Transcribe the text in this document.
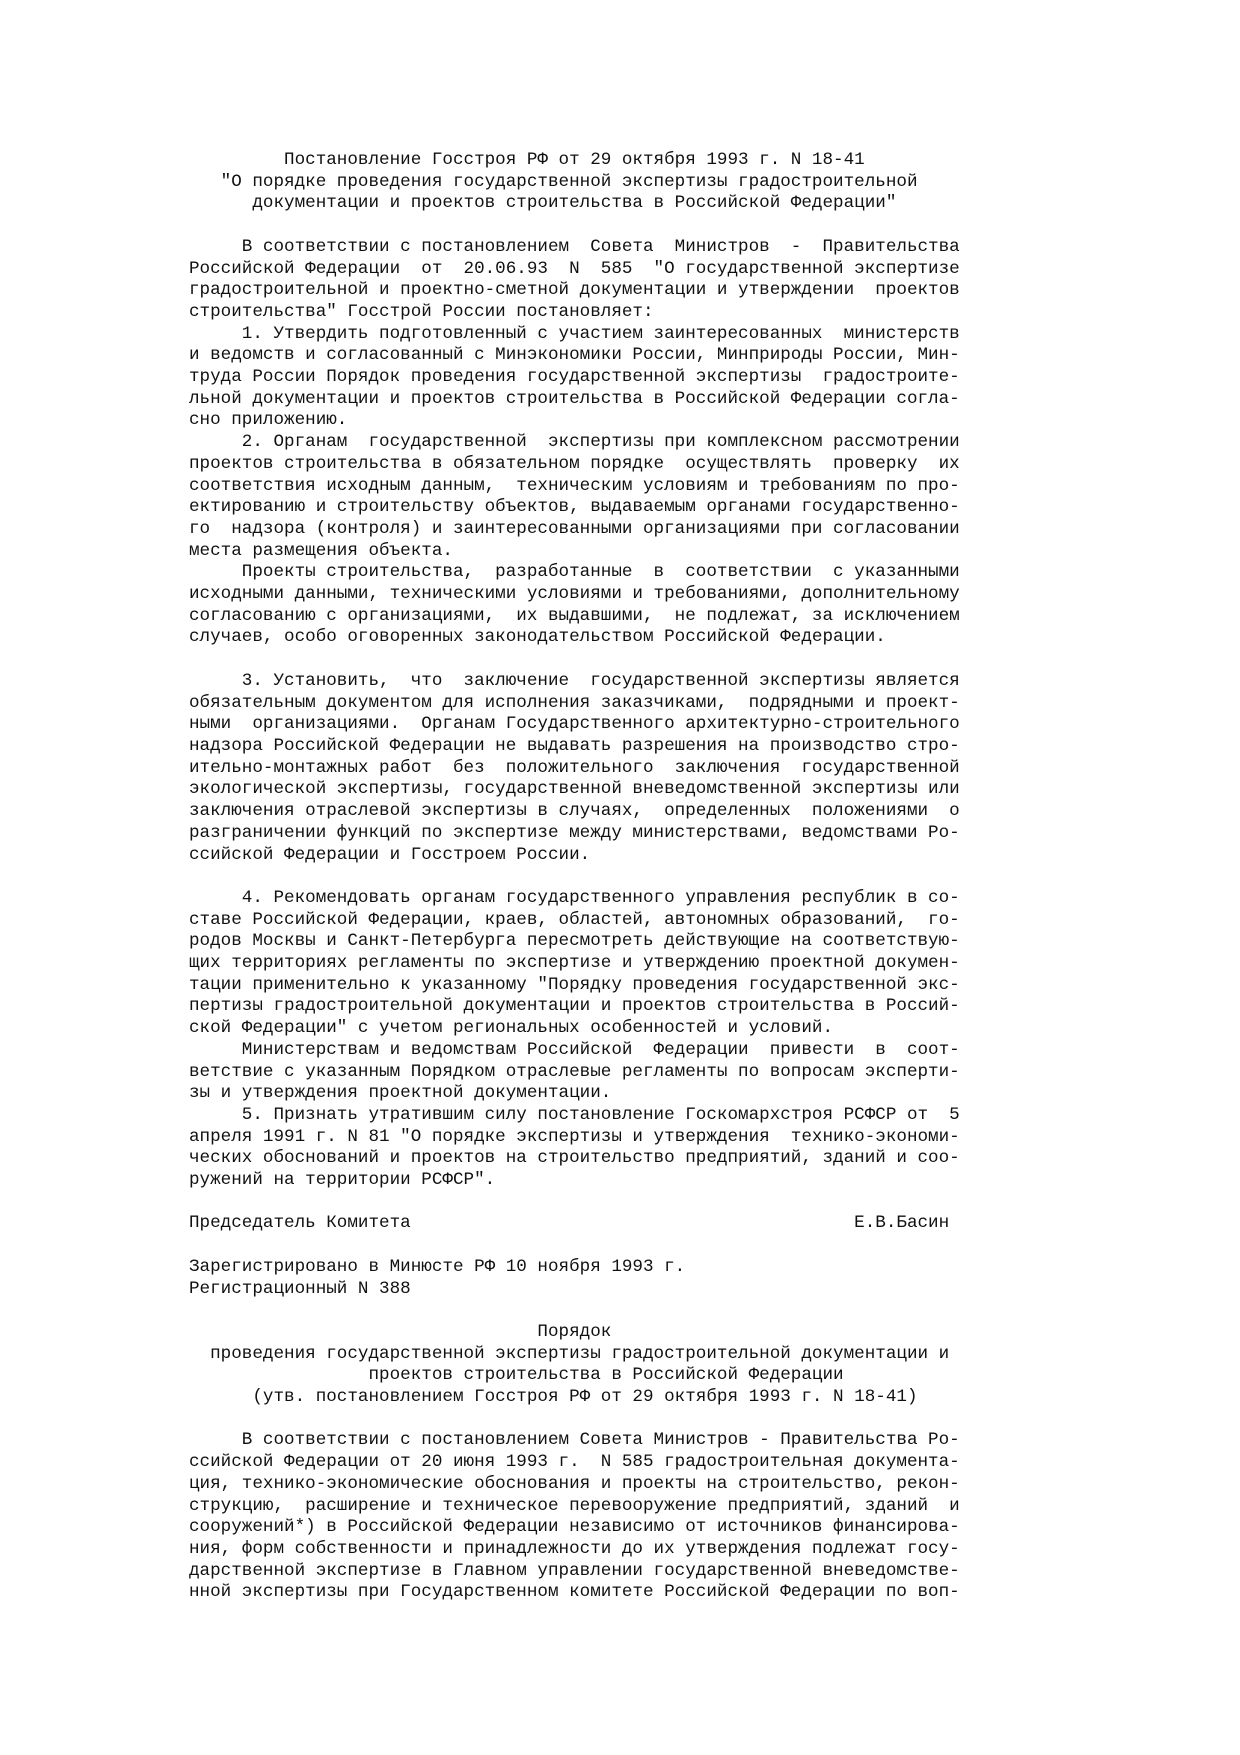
Постановление Госстроя РФ от 29 октября 1993 г. N 18-41
"О порядке проведения государственной экспертизы градостроительной
документации и проектов строительства в Российской Федерации"

В соответствии с постановлением  Совета  Министров  -  Правительства
Российской Федерации  от  20.06.93  N  585  "О государственной экспертизе
градостроительной и проектно-сметной документации и утверждении  проектов
строительства" Госстрой России постановляет:
1. Утвердить подготовленный с участием заинтересованных  министерств
и ведомств и согласованный с Минэкономики России, Минприроды России, Мин-
труда России Порядок проведения государственной экспертизы  градостроите-
льной документации и проектов строительства в Российской Федерации согла-
сно приложению.
2. Органам  государственной  экспертизы при комплексном рассмотрении
проектов строительства в обязательном порядке  осуществлять  проверку  их
соответствия исходным данным,  техническим условиям и требованиям по про-
ектированию и строительству объектов, выдаваемым органами государственно-
го  надзора (контроля) и заинтересованными организациями при согласовании
места размещения объекта.
Проекты строительства,  разработанные  в  соответствии  с указанными
исходными данными, техническими условиями и требованиями, дополнительному
согласованию с организациями,  их выдавшими,  не подлежат, за исключением
случаев, особо оговоренных законодательством Российской Федерации.

3. Установить,  что  заключение  государственной экспертизы является
обязательным документом для исполнения заказчиками,  подрядными и проект-
ными  организациями.  Органам Государственного архитектурно-строительного
надзора Российской Федерации не выдавать разрешения на производство стро-
ительно-монтажных работ  без  положительного  заключения  государственной
экологической экспертизы, государственной вневедомственной экспертизы или
заключения отраслевой экспертизы в случаях,  определенных  положениями  о
разграничении функций по экспертизе между министерствами, ведомствами Ро-
ссийской Федерации и Госстроем России.

4. Рекомендовать органам государственного управления республик в со-
ставе Российской Федерации, краев, областей, автономных образований,  го-
родов Москвы и Санкт-Петербурга пересмотреть действующие на соответствую-
щих территориях регламенты по экспертизе и утверждению проектной докумен-
тации применительно к указанному "Порядку проведения государственной экс-
пертизы градостроительной документации и проектов строительства в Россий-
ской Федерации" с учетом региональных особенностей и условий.
Министерствам и ведомствам Российской  Федерации  привести  в  соот-
ветствие с указанным Порядком отраслевые регламенты по вопросам эксперти-
зы и утверждения проектной документации.
5. Признать утратившим силу постановление Госкомархстроя РСФСР от  5
апреля 1991 г. N 81 "О порядке экспертизы и утверждения  технико-экономи-
ческих обоснований и проектов на строительство предприятий, зданий и соо-
ружений на территории РСФСР".

Председатель Комитета                                          Е.В.Басин

Зарегистрировано в Минюсте РФ 10 ноября 1993 г.
Регистрационный N 388

Порядок
проведения государственной экспертизы градостроительной документации и
проектов строительства в Российской Федерации
(утв. постановлением Госстроя РФ от 29 октября 1993 г. N 18-41)

В соответствии с постановлением Совета Министров - Правительства Ро-
ссийской Федерации от 20 июня 1993 г.  N 585 градостроительная документа-
ция, технико-экономические обоснования и проекты на строительство, рекон-
струкцию,  расширение и техническое перевооружение предприятий, зданий  и
сооружений*) в Российской Федерации независимо от источников финансирова-
ния, форм собственности и принадлежности до их утверждения подлежат госу-
дарственной экспертизе в Главном управлении государственной вневедомстве-
нной экспертизы при Государственном комитете Российской Федерации по воп-
